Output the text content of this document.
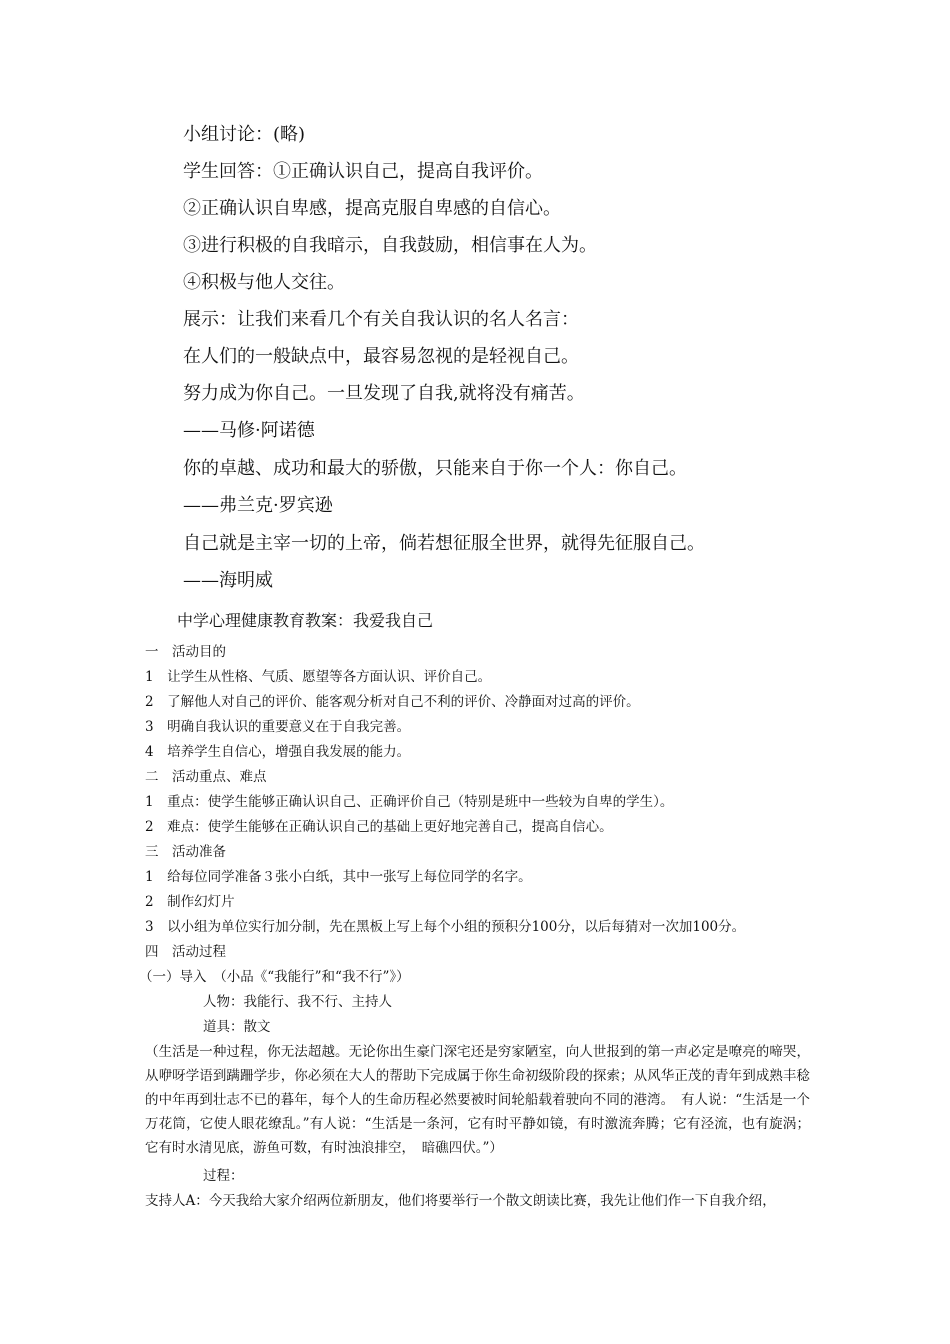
小组讨论：(略)
学生回答：①正确认识自己，提高自我评价。
②正确认识自卑感，提高克服自卑感的自信心。
③进行积极的自我暗示，自我鼓励，相信事在人为。
④积极与他人交往。
展示：让我们来看几个有关自我认识的名人名言：
在人们的一般缺点中，最容易忽视的是轻视自己。
努力成为你自己。一旦发现了自我,就将没有痛苦。
——马修·阿诺德
你的卓越、成功和最大的骄傲，只能来自于你一个人：你自己。
——弗兰克·罗宾逊
自己就是主宰一切的上帝，倘若想征服全世界，就得先征服自己。
——海明威
中学心理健康教育教案：我爱我自己
一　活动目的
1　让学生从性格、气质、愿望等各方面认识、评价自己。
2　了解他人对自己的评价、能客观分析对自己不利的评价、冷静面对过高的评价。
3　明确自我认识的重要意义在于自我完善。
4　培养学生自信心，增强自我发展的能力。
二　活动重点、难点
1　重点：使学生能够正确认识自己、正确评价自己（特别是班中一些较为自卑的学生）。
2　难点：使学生能够在正确认识自己的基础上更好地完善自己，提高自信心。
三　活动准备
1　给每位同学准备３张小白纸，其中一张写上每位同学的名字。
2　制作幻灯片
3　以小组为单位实行加分制，先在黑板上写上每个小组的预积分100分，以后每猜对一次加100分。
四　活动过程
（一）导入　（小品《“我能行”和“我不行”》）
人物：我能行、我不行、主持人
道具：散文

（生活是一种过程，你无法超越。无论你出生豪门深宅还是穷家陋室，向人世报到的第一声必定是嘹亮的啼哭，从咿呀学语到蹒跚学步，你必须在大人的帮助下完成属于你生命初级阶段的探索；从风华正茂的青年到成熟丰稔的中年再到壮志不已的暮年，每个人的生命历程必然要被时间轮船载着驶向不同的港湾。　有人说：“生活是一个万花筒，它使人眼花缭乱。”有人说：“生活是一条河，它有时平静如镜，有时激流奔腾；它有泾流，也有旋涡；它有时水清见底，游鱼可数，有时浊浪排空，　暗礁四伏。”）

过程：
支持人A：今天我给大家介绍两位新朋友，他们将要举行一个散文朗读比赛，我先让他们作一下自我介绍，
